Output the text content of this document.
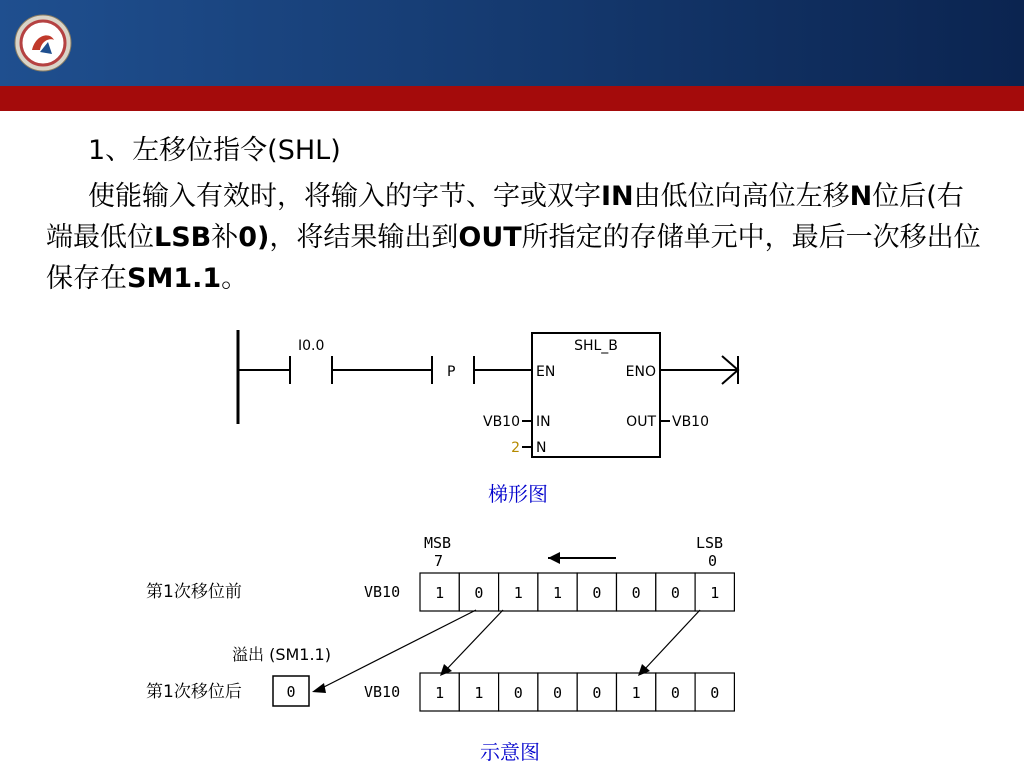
1、左移位指令(SHL)
使能输入有效时，将输入的字节、字或双字IN由低位向高位左移N位后(右端最低位LSB补0)，将结果输出到OUT所指定的存储单元中，最后一次移出位保存在SM1.1。
I0.0
P
SHL_B
EN	ENO
IN
N
OUT
VB10
2
VB10
梯形图
MSB
7
LSB
0
第1次移位前	VB10 1 0 1 1 0 0 0 1
溢出 (SM1.1)
第1次移位后	0	VB10 1 1 0 0 0 1 0 0
示意图
